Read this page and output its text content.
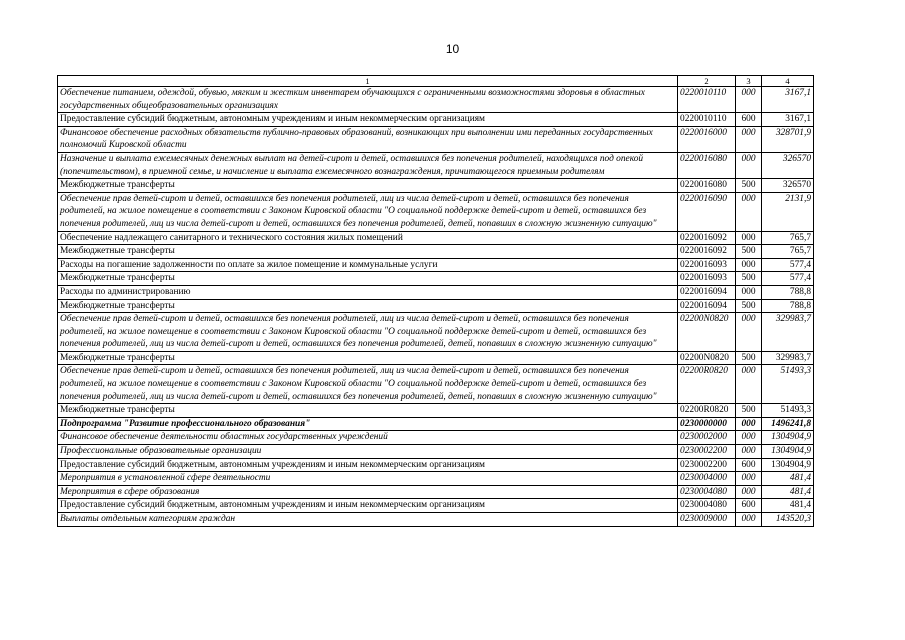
10
1	2	3	4
Обеспечение питанием, одеждой, обувью, мягким и жестким инвентарем обучающихся с ограниченными возможностями здоровья в областных государственных общеобразовательных организациях	0220010110	000	3167,1
Предоставление субсидий бюджетным, автономным учреждениям и иным некоммерческим организациям	0220010110	600	3167,1
Финансовое обеспечение расходных обязательств публично-правовых образований, возникающих при выполнении ими переданных государственных полномочий Кировской области	0220016000	000	328701,9
Назначение и выплата ежемесячных денежных выплат на детей-сирот и детей, оставшихся без попечения родителей, находящихся под опекой (попечительством), в приемной семье, и начисление и выплата ежемесячного вознаграждения, причитающегося приемным родителям	0220016080	000	326570
Межбюджетные трансферты	0220016080	500	326570
Обеспечение прав детей-сирот и детей, оставшихся без попечения родителей, лиц из числа детей-сирот и детей, оставшихся без попечения родителей, на жилое помещение в соответствии с Законом Кировской области "О социальной поддержке детей-сирот и детей, оставшихся без попечения родителей, лиц из числа детей-сирот и детей, оставшихся без попечения родителей, детей, попавших в сложную жизненную ситуацию"	0220016090	000	2131,9
Обеспечение надлежащего санитарного и технического состояния жилых помещений	0220016092	000	765,7
Межбюджетные трансферты	0220016092	500	765,7
Расходы на погашение задолженности по оплате за жилое помещение и коммунальные услуги	0220016093	000	577,4
Межбюджетные трансферты	0220016093	500	577,4
Расходы по администрированию	0220016094	000	788,8
Межбюджетные трансферты	0220016094	500	788,8
Обеспечение прав детей-сирот и детей, оставшихся без попечения родителей, лиц из числа детей-сирот и детей, оставшихся без попечения родителей, на жилое помещение в соответствии с Законом Кировской области "О социальной поддержке детей-сирот и детей, оставшихся без попечения родителей, лиц из числа детей-сирот и детей, оставшихся без попечения родителей, детей, попавших в сложную жизненную ситуацию"	02200N0820	000	329983,7
Межбюджетные трансферты	02200N0820	500	329983,7
Обеспечение прав детей-сирот и детей, оставшихся без попечения родителей, лиц из числа детей-сирот и детей, оставшихся без попечения родителей, на жилое помещение в соответствии с Законом Кировской области "О социальной поддержке детей-сирот и детей, оставшихся без попечения родителей, лиц из числа детей-сирот и детей, оставшихся без попечения родителей, детей, попавших в сложную жизненную ситуацию"	02200R0820	000	51493,3
Межбюджетные трансферты	02200R0820	500	51493,3
Подпрограмма "Развитие профессионального образования"	0230000000	000	1496241,8
Финансовое обеспечение деятельности областных государственных учреждений	0230002000	000	1304904,9
Профессиональные образовательные организации	0230002200	000	1304904,9
Предоставление субсидий бюджетным, автономным учреждениям и иным некоммерческим организациям	0230002200	600	1304904,9
Мероприятия в установленной сфере деятельности	0230004000	000	481,4
Мероприятия в сфере образования	0230004080	000	481,4
Предоставление субсидий бюджетным, автономным учреждениям и иным некоммерческим организациям	0230004080	600	481,4
Выплаты отдельным категориям граждан	0230009000	000	143520,3
